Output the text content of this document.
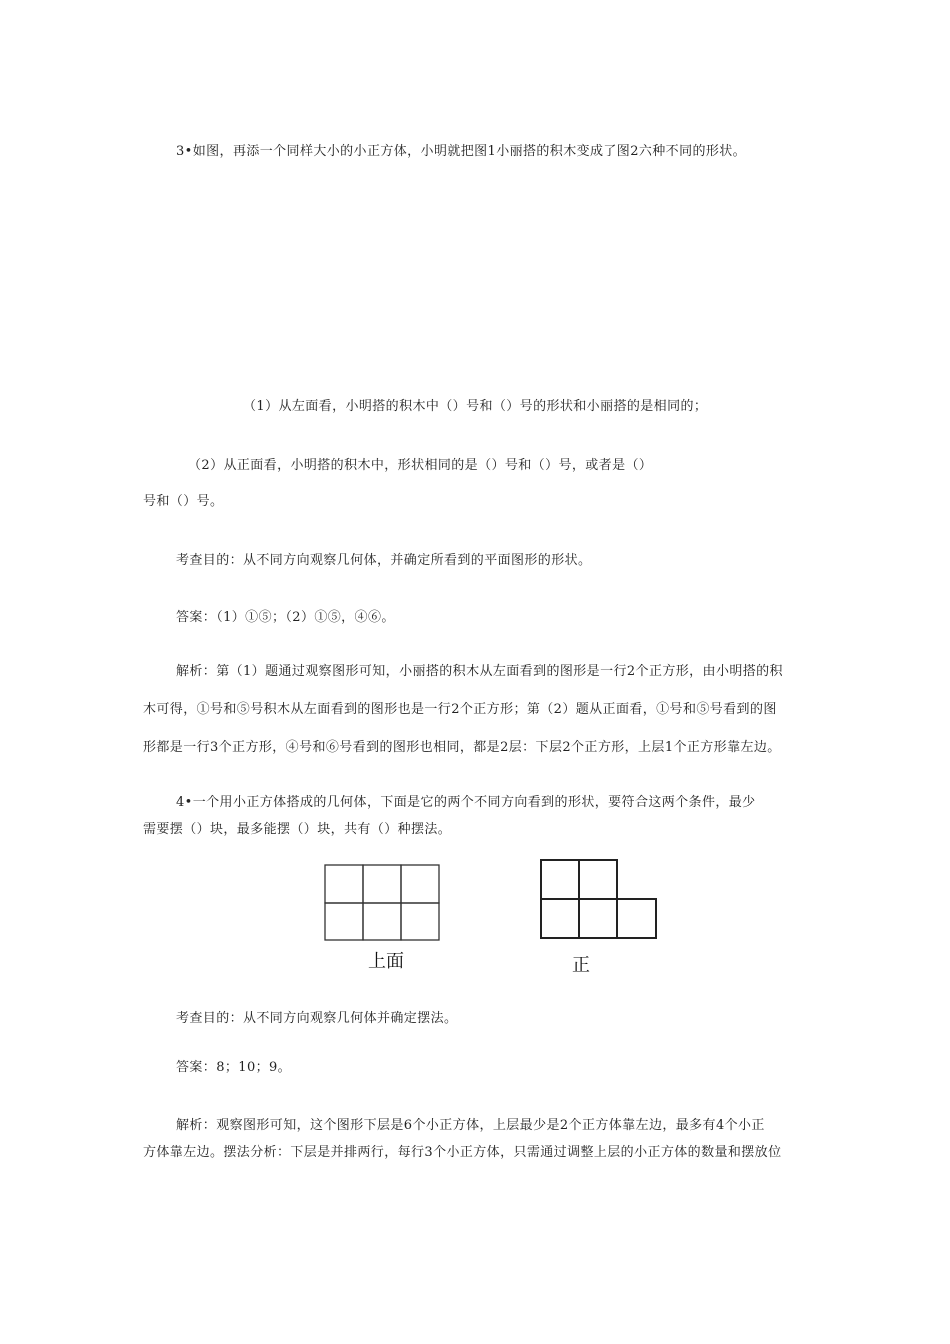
3•如图，再添一个同样大小的小正方体，小明就把图1小丽搭的积木变成了图2六种不同的形状。
（1）从左面看，小明搭的积木中（）号和（）号的形状和小丽搭的是相同的；
（2）从正面看，小明搭的积木中，形状相同的是（）号和（）号，或者是（）
号和（）号。
考查目的：从不同方向观察几何体，并确定所看到的平面图形的形状。
答案：（1）①⑤；（2）①⑤，④⑥。
解析：第（1）题通过观察图形可知，小丽搭的积木从左面看到的图形是一行2个正方形，由小明搭的积
木可得，①号和⑤号积木从左面看到的图形也是一行2个正方形；第（2）题从正面看，①号和⑤号看到的图
形都是一行3个正方形，④号和⑥号看到的图形也相同，都是2层：下层2个正方形，上层1个正方形靠左边。
4•一个用小正方体搭成的几何体，下面是它的两个不同方向看到的形状，要符合这两个条件，最少
需要摆（）块，最多能摆（）块，共有（）种摆法。
上面	正
考查目的：从不同方向观察几何体并确定摆法。
答案：8；10；9。
解析：观察图形可知，这个图形下层是6个小正方体，上层最少是2个正方体靠左边，最多有4个小正
方体靠左边。摆法分析：下层是并排两行，每行3个小正方体，只需通过调整上层的小正方体的数量和摆放位
